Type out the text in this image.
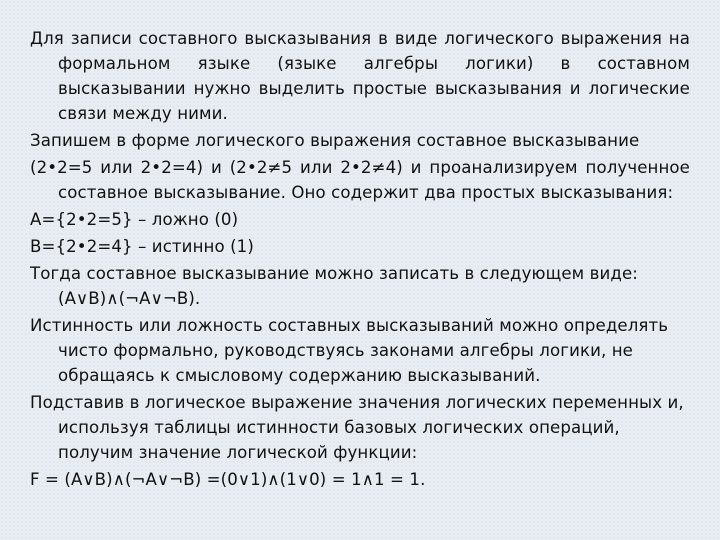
Для записи составного высказывания в виде логического выражения на формальном языке (языке алгебры логики) в составном высказывании нужно выделить простые высказывания и логические связи между ними.

Запишем в форме логического выражения составное высказывание

(2•2=5 или 2•2=4) и (2•2≠5 или 2•2≠4) и проанализируем полученное составное высказывание. Оно содержит два простых высказывания:

А={2•2=5} – ложно (0)

В={2•2=4} – истинно (1)

Тогда составное высказывание можно записать в следующем виде: (А∨В)∧(¬А∨¬В).

Истинность или ложность составных высказываний можно определять чисто формально, руководствуясь законами алгебры логики, не обращаясь к смысловому содержанию высказываний.

Подставив в логическое выражение значения логических переменных и, используя таблицы истинности базовых логических операций, получим значение логической функции:

F = (А∨В)∧(¬А∨¬В) =(0∨1)∧(1∨0) = 1∧1 = 1.
